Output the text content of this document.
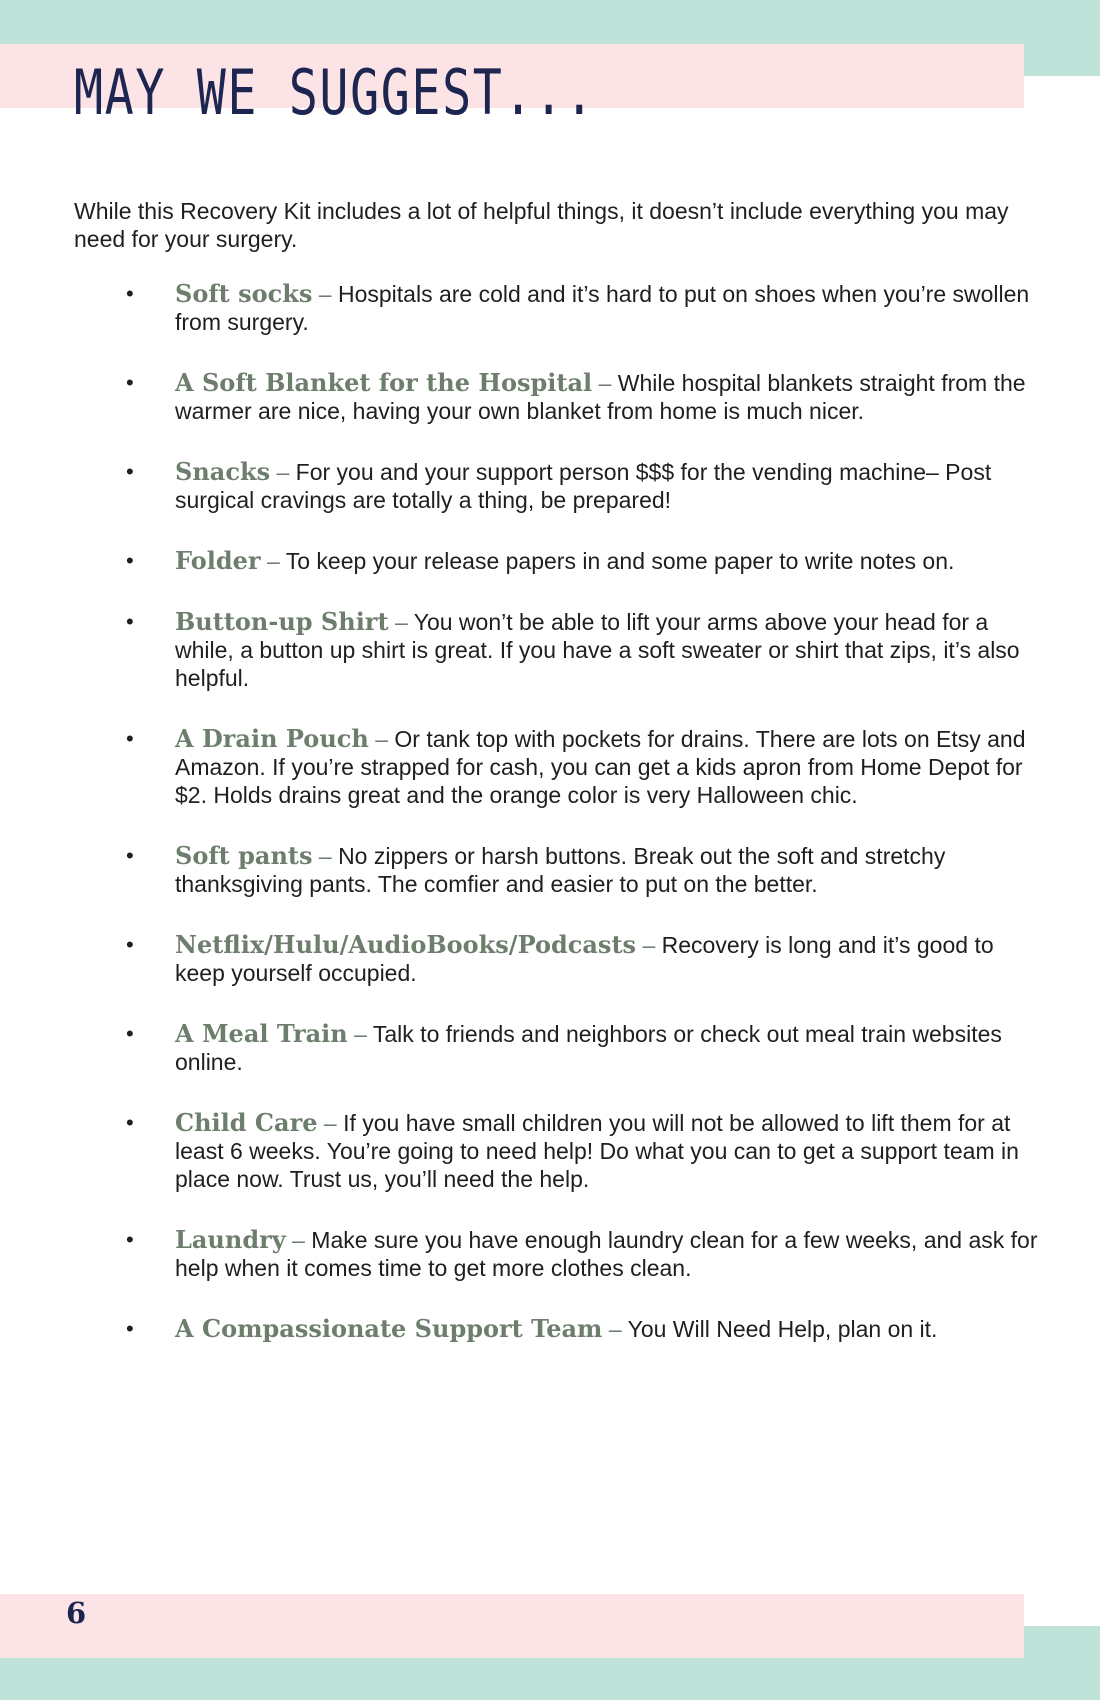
MAY WE SUGGEST...

While this Recovery Kit includes a lot of helpful things, it doesn’t include everything you may need for your surgery.

• Soft socks – Hospitals are cold and it’s hard to put on shoes when you’re swollen from surgery.
• A Soft Blanket for the Hospital – While hospital blankets straight from the warmer are nice, having your own blanket from home is much nicer.
• Snacks – For you and your support person $$$ for the vending machine– Post surgical cravings are totally a thing, be prepared!
• Folder – To keep your release papers in and some paper to write notes on.
• Button-up Shirt – You won’t be able to lift your arms above your head for a while, a button up shirt is great. If you have a soft sweater or shirt that zips, it’s also helpful.
• A Drain Pouch – Or tank top with pockets for drains. There are lots on Etsy and Amazon. If you’re strapped for cash, you can get a kids apron from Home Depot for $2. Holds drains great and the orange color is very Halloween chic.
• Soft pants – No zippers or harsh buttons. Break out the soft and stretchy thanksgiving pants. The comfier and easier to put on the better.
• Netflix/Hulu/AudioBooks/Podcasts – Recovery is long and it’s good to keep yourself occupied.
• A Meal Train – Talk to friends and neighbors or check out meal train websites online.
• Child Care – If you have small children you will not be allowed to lift them for at least 6 weeks. You’re going to need help! Do what you can to get a support team in place now. Trust us, you’ll need the help.
• Laundry – Make sure you have enough laundry clean for a few weeks, and ask for help when it comes time to get more clothes clean.
• A Compassionate Support Team – You Will Need Help, plan on it.
6
